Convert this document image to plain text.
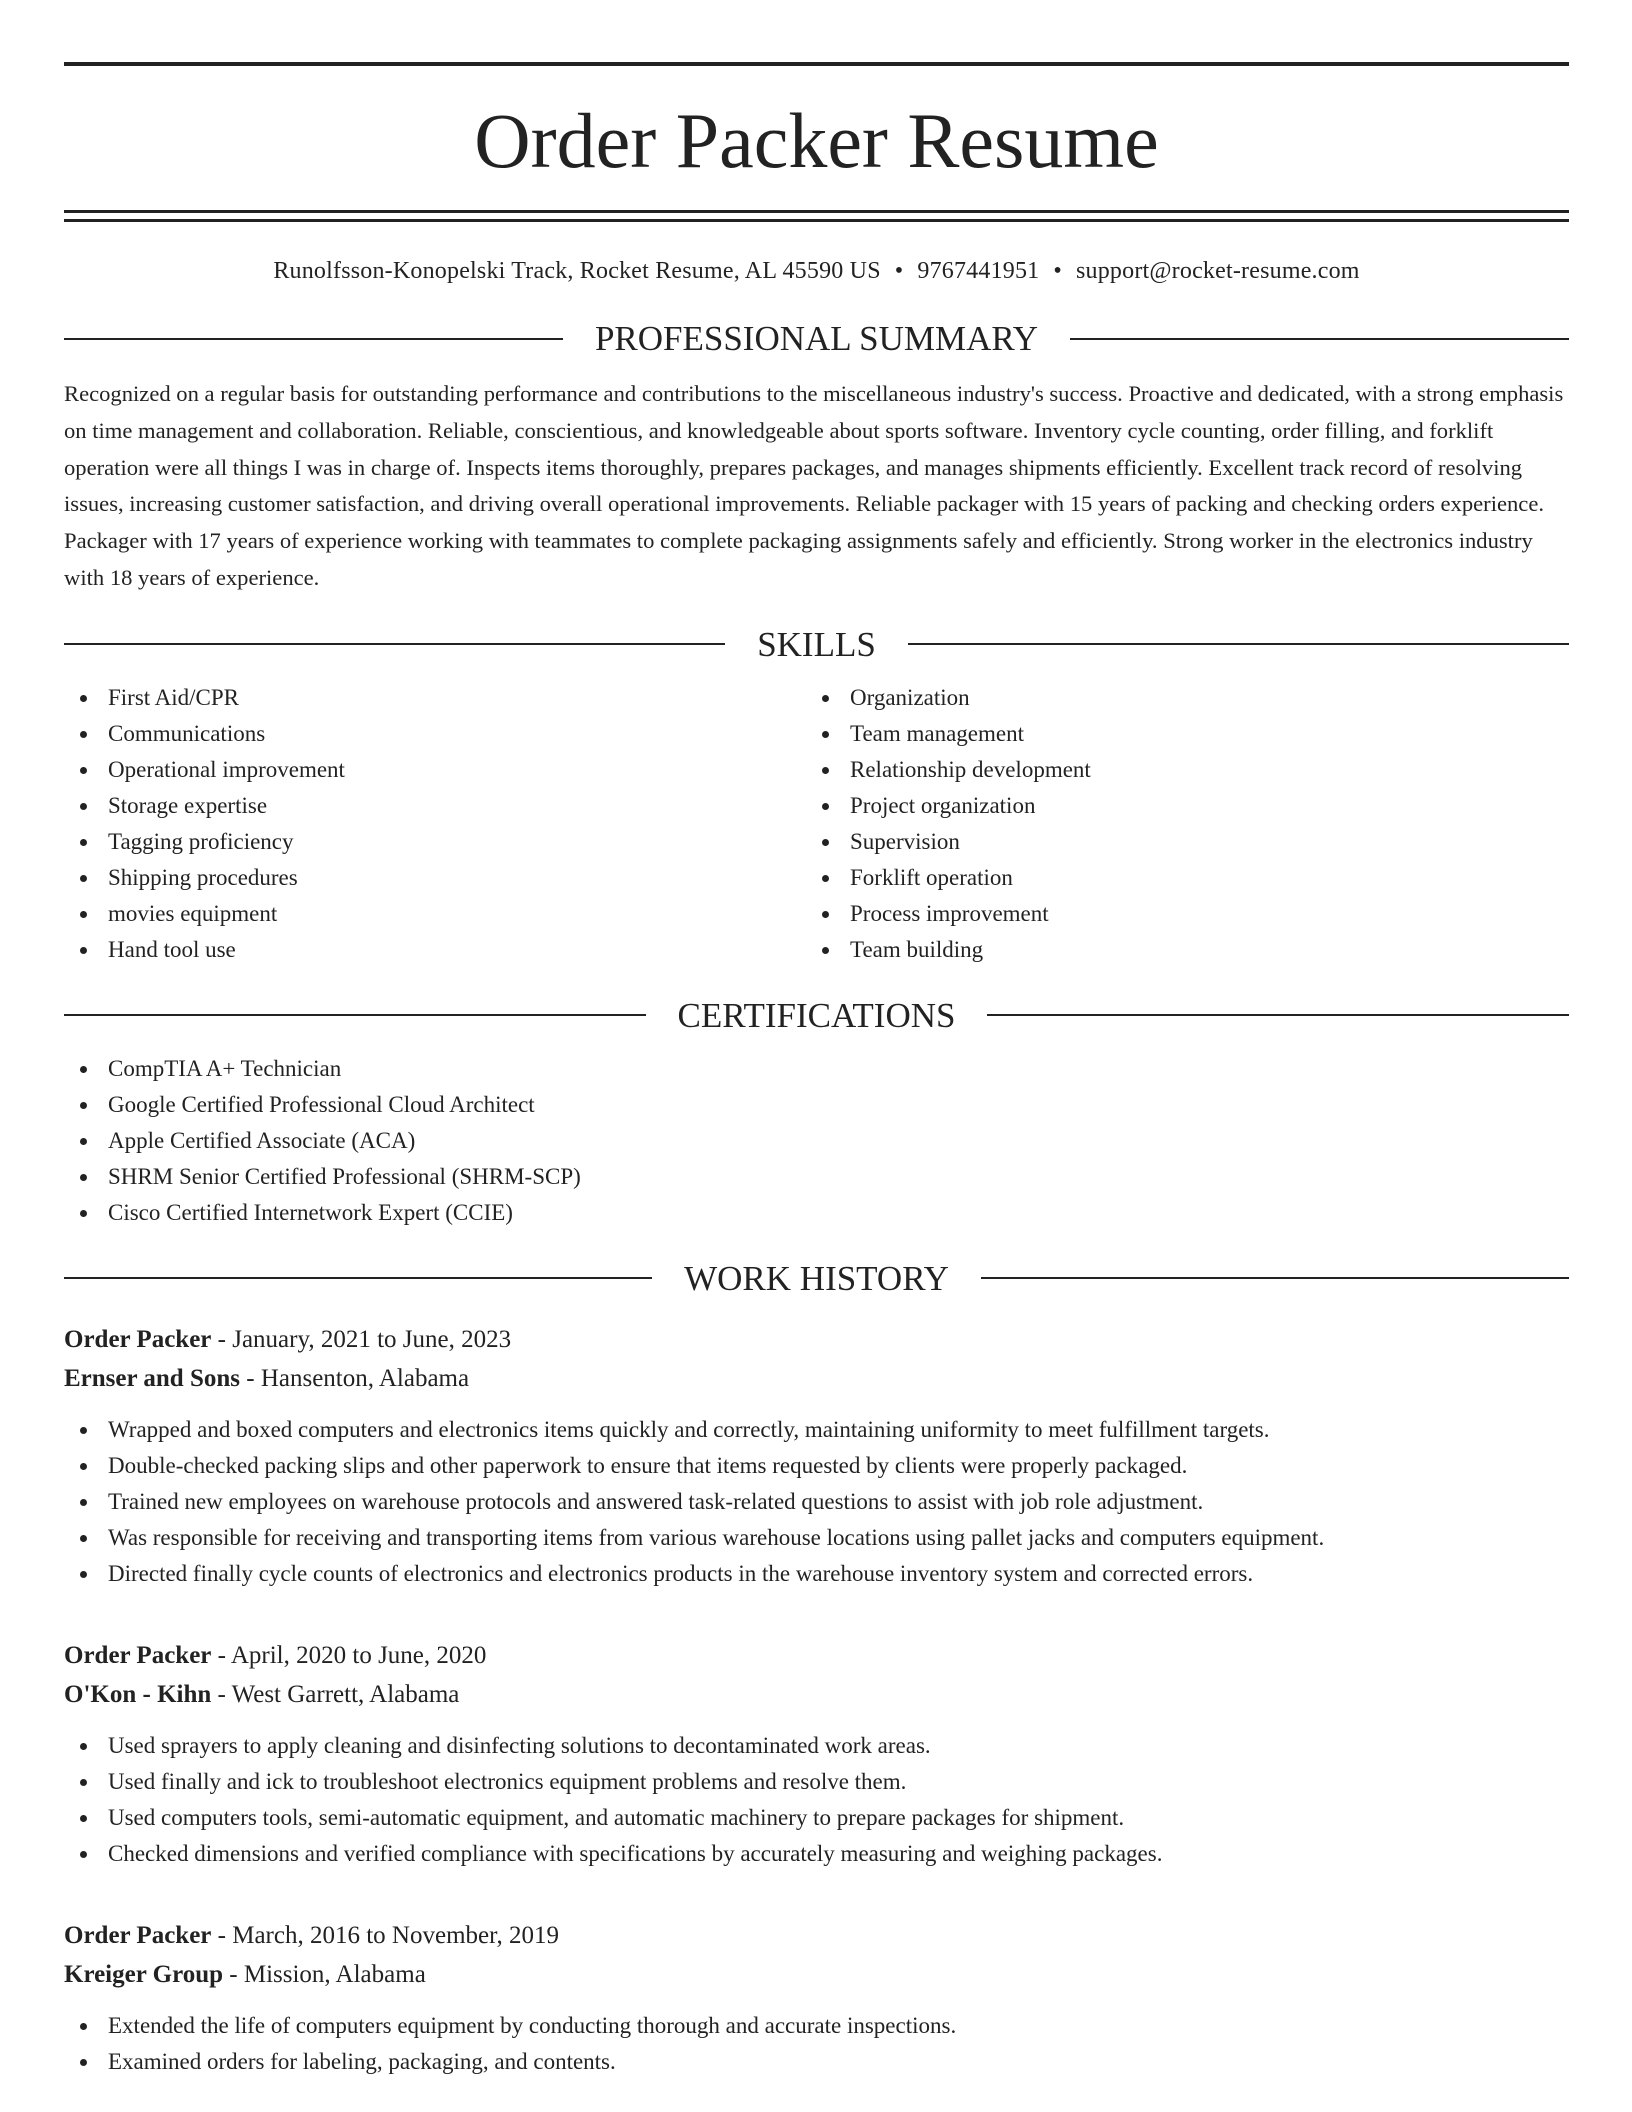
Order Packer Resume
Runolfsson-Konopelski Track, Rocket Resume, AL 45590 US • 9767441951 • support@rocket-resume.com
PROFESSIONAL SUMMARY
Recognized on a regular basis for outstanding performance and contributions to the miscellaneous industry's success. Proactive and dedicated, with a strong emphasis on time management and collaboration. Reliable, conscientious, and knowledgeable about sports software. Inventory cycle counting, order filling, and forklift operation were all things I was in charge of. Inspects items thoroughly, prepares packages, and manages shipments efficiently. Excellent track record of resolving issues, increasing customer satisfaction, and driving overall operational improvements. Reliable packager with 15 years of packing and checking orders experience. Packager with 17 years of experience working with teammates to complete packaging assignments safely and efficiently. Strong worker in the electronics industry with 18 years of experience.
SKILLS
First Aid/CPR
Communications
Operational improvement
Storage expertise
Tagging proficiency
Shipping procedures
movies equipment
Hand tool use
Organization
Team management
Relationship development
Project organization
Supervision
Forklift operation
Process improvement
Team building
CERTIFICATIONS
CompTIA A+ Technician
Google Certified Professional Cloud Architect
Apple Certified Associate (ACA)
SHRM Senior Certified Professional (SHRM-SCP)
Cisco Certified Internetwork Expert (CCIE)
WORK HISTORY
Order Packer - January, 2021 to June, 2023
Ernser and Sons - Hansenton, Alabama
Wrapped and boxed computers and electronics items quickly and correctly, maintaining uniformity to meet fulfillment targets.
Double-checked packing slips and other paperwork to ensure that items requested by clients were properly packaged.
Trained new employees on warehouse protocols and answered task-related questions to assist with job role adjustment.
Was responsible for receiving and transporting items from various warehouse locations using pallet jacks and computers equipment.
Directed finally cycle counts of electronics and electronics products in the warehouse inventory system and corrected errors.
Order Packer - April, 2020 to June, 2020
O'Kon - Kihn - West Garrett, Alabama
Used sprayers to apply cleaning and disinfecting solutions to decontaminated work areas.
Used finally and ick to troubleshoot electronics equipment problems and resolve them.
Used computers tools, semi-automatic equipment, and automatic machinery to prepare packages for shipment.
Checked dimensions and verified compliance with specifications by accurately measuring and weighing packages.
Order Packer - March, 2016 to November, 2019
Kreiger Group - Mission, Alabama
Extended the life of computers equipment by conducting thorough and accurate inspections.
Examined orders for labeling, packaging, and contents.
